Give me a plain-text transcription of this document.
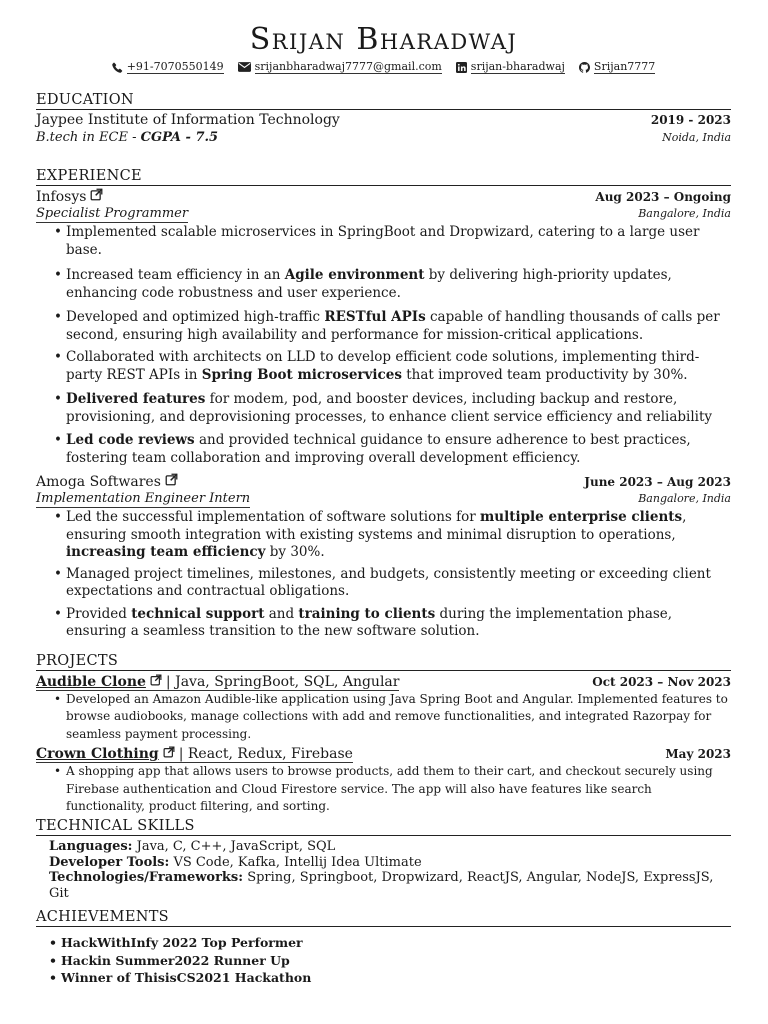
Srijan Bharadwaj
+91-7070550149	srijanbharadwaj7777@gmail.com	srijan-bharadwaj	Srijan7777
EDUCATION
Jaypee Institute of Information Technology	2019 - 2023
B.tech in ECE - CGPA - 7.5	Noida, India
EXPERIENCE
Infosys	Aug 2023 – Ongoing
Specialist Programmer	Bangalore, India
• Implemented scalable microservices in SpringBoot and Dropwizard, catering to a large user base.
• Increased team efficiency in an Agile environment by delivering high-priority updates, enhancing code robustness and user experience.
• Developed and optimized high-traffic RESTful APIs capable of handling thousands of calls per second, ensuring high availability and performance for mission-critical applications.
• Collaborated with architects on LLD to develop efficient code solutions, implementing third-party REST APIs in Spring Boot microservices that improved team productivity by 30%.
• Delivered features for modem, pod, and booster devices, including backup and restore, provisioning, and deprovisioning processes, to enhance client service efficiency and reliability
• Led code reviews and provided technical guidance to ensure adherence to best practices, fostering team collaboration and improving overall development efficiency.
Amoga Softwares	June 2023 – Aug 2023
Implementation Engineer Intern	Bangalore, India
• Led the successful implementation of software solutions for multiple enterprise clients, ensuring smooth integration with existing systems and minimal disruption to operations, increasing team efficiency by 30%.
• Managed project timelines, milestones, and budgets, consistently meeting or exceeding client expectations and contractual obligations.
• Provided technical support and training to clients during the implementation phase, ensuring a seamless transition to the new software solution.
PROJECTS
Audible Clone | Java, SpringBoot, SQL, Angular	Oct 2023 – Nov 2023
• Developed an Amazon Audible-like application using Java Spring Boot and Angular. Implemented features to browse audiobooks, manage collections with add and remove functionalities, and integrated Razorpay for seamless payment processing.
Crown Clothing | React, Redux, Firebase	May 2023
• A shopping app that allows users to browse products, add them to their cart, and checkout securely using Firebase authentication and Cloud Firestore service. The app will also have features like search functionality, product filtering, and sorting.
TECHNICAL SKILLS
Languages: Java, C, C++, JavaScript, SQL
Developer Tools: VS Code, Kafka, Intellij Idea Ultimate
Technologies/Frameworks: Spring, Springboot, Dropwizard, ReactJS, Angular, NodeJS, ExpressJS, Git
ACHIEVEMENTS
• HackWithInfy 2022 Top Performer
• Hackin Summer2022 Runner Up
• Winner of ThisisCS2021 Hackathon
